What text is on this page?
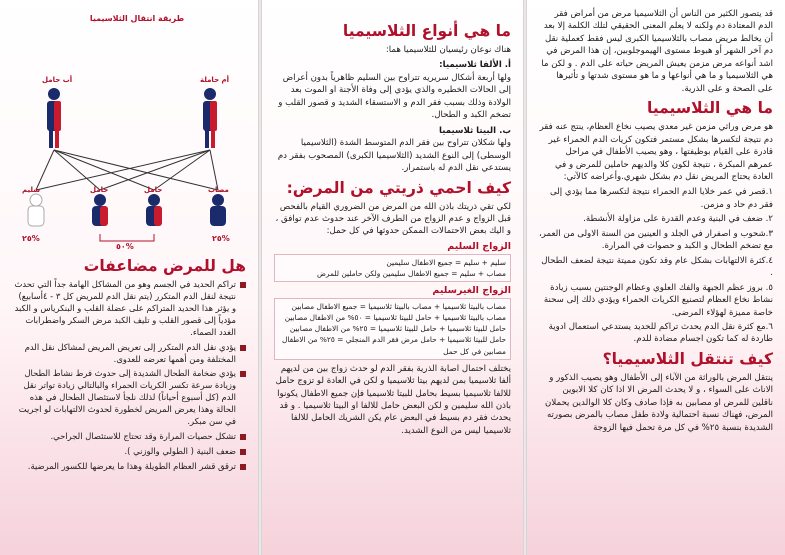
طريقة انتقال الثلاسيميا
أب حامل	أم حاملة
سليم	حامل	حامل	مصاب
٢٥%
٥٠%
٢٥%
هل للمرض مضاعفات
تراكم الحديد في الجسم وهو من المشاكل الهامة جداً التي تحدث نتيجة لنقل الدم المتكرر (يتم نقل الدم للمريض كل ٣ - ٤أسابيع) و يؤثر هذا الحديد المتراكم على عضلة القلب و البنكرياس و الكبد مؤدياً إلى قصور القلب و تليف الكبد مرض السكر واضطرابات الغدد الصماء.
يؤدي نقل الدم المتكرر إلى تعريض المريض لمشاكل نقل الدم المختلفة ومن أهمها تعرضه للعدوى.
يؤدي ضخامة الطحال الشديدة إلى حدوث فرط نشاط الطحال وزيادة سرعة تكسر الكريات الحمراء والبالتالي زيادة تواتر نقل الدم (كل أسبوع أحياناً) لذلك نلجأ لاستئصال الطحال في هذه الحالة وهذا يعرض المريض لخطورة لحدوث الالتهابات لو اجريت في سن مبكر.
تشكل حصيات المرارة وقد تحتاج للاستئصال الجراحي.
ضعف البنية ( الطولي والوزني ).
ترقق قشر العظام الطويلة وهذا ما يعرضها للكسور المرضية.
ما هي أنواع الثلاسيميا
هناك نوعان رئيسيان للثلاسيميا هما:
أ. الألفا ثلاسيميا:
ولها أربعة أشكال سريريه تتراوح بين السليم ظاهرياً بدون أعراض إلى الحالات الخطيره والذي يؤدي إلى وفاة الأجنة او الموت بعد الولادة وذلك بسبب فقر الدم و الاستسقاء الشديد و قصور القلب و تضخم الكبد و الطحال.
ب. البيتا ثلاسيميا
ولها شكلان تتراوح بين فقر الدم المتوسط الشدة (الثلاسيميا الوسطى) إلى النوع الشديد (الثلاسيميا الكبرى) المصحوب بفقر دم يستدعي نقل الدم له باستمرار.
كيف احمي ذريتي من المرض:
لكي تقي ذريتك باذن الله من المرض من الضروري القيام بالفحص قبل الزواج و عدم الزواج من الطرف الآخر عند حدوث عدم توافق ، و اليك بعض الاحتمالات الممكن حدوثها في كل حمل:
الزواج السليم
سليم + سليم = جميع الاطفال سليمين
مصاب + سليم = جميع الاطفال سليمين ولكن حاملين للمرض
الزواج الغيرسليم
مصاب بالبيتا ثلاسيميا + مصاب بالبيتا ثلاسيميا = جميع الاطفال مصابين
مصاب بالبيتا ثلاسيميا + حامل للبيتا ثلاسيميا = ٥٠% من الاطفال مصابين
حامل للبيتا ثلاسيميا + حامل للبيتا ثلاسيميا = ٢٥% من الاطفال مصابين
حامل للبيتا ثلاسيميا + حامل مرض فقر الدم المنجلي = ٢٥% من الاطفال مصابين في كل حمل
يختلف احتمال اصابة الذرية بفقر الدم لو حدث زواج بين من لديهم ألفا ثلاسيميا بمن لديهم بيتا ثلاسيميا و لكن في العادة لو تزوج حامل للالفا ثلاسيميا بسيط بحامل للبيتا ثلاسيميا فإن جميع الاطفال يكونوا باذن الله سليمين و لكن البعض حامل للالفا او البيتا ثلاسيميا . و قد يحدث فقر دم بسيط في البعض عام يكن الشريك الحامل للالفا ثلاسيميا ليس من النوع الشديد.
قد يتصور الكثير من الناس أن الثلاسيميا مرض من أمراض فقر الدم المعتادة دم ولكنه لا يعلم المعنى الحقيقي لتلك الكلمة إلا بعد أن يخالط مريض مصاب بالثلاسيميا الكبرى ليس فقط كعملية نقل دم آخر الشهر أو هبوط مستوى الهيموجلوبين، إن هذا المرض في اشد أنواعه مرض مزمن يعيش المريض حياته على الدم . و لكن ما هي الثلاسيميا و ما هي أنواعها و ما هو مستوى شدتها و تأثيرها على الصحة و على الذرية.
ما هي الثلاسيميا
هو مرض وراثي مزمن غير معدي يصيب نخاع العظام، ينتج عنه فقر دم نتيجة لتكسرها بشكل مستمر فتكون كريات الدم الحمراء غير قادرة على القيام بوظيفتها ، وهو يصيب الأطفال في مراحل عمرهم المبكرة ، نتيجة لكون كلا والديهم حاملين للمرض و في العادة يحتاج المريض نقل دم بشكل شهري.وأعراضه كالآتي:
١.قصر في عمر خلايا الدم الحمراء نتيجة لتكسرها مما يؤدي إلى فقر دم حاد و مزمن.
٢. ضعف في البنية وعدم القدرة على مزاولة الأنشطة.
٣.شحوب و اصفرار في الجلد و العينين من السنة الاولى من العمر، مع تضخم الطحال و الكبد و حصوات في المرارة.
٤.كثرة الالتهابات بشكل عام وقد تكون مميتة نتيجة لضعف الطحال .
٥. بروز عظم الجبهة والفك العلوي وعظام الوجنتين بسبب زيادة نشاط نخاع العظام لتصنيع الكريات الحمراء ويؤدي ذلك إلى سحنة خاصة مميزة لهؤلاء المرضى.
٦.مع كثرة نقل الدم يحدث تراكم للحديد يستدعي استعمال ادوية طاردة له كما تكون اجسام مضادة للدم.
كيف تنتقل الثلاسيميا؟
ينتقل المرض بالوراثة من الآباء إلى الأطفال وهو يصيب الذكور و الاناث على السواء ، و لا يحدث المرض الا اذا كان كلا الابوين ناقلين للمرض او مصابين به فإذا صادف وكان كلا الوالدين يحملان المرض، فهناك نسبة احتمالية ولادة طفل مصاب بالمرض بصورته الشديدة بنسبة ٢٥% في كل مرة تحمل فيها الزوجة
